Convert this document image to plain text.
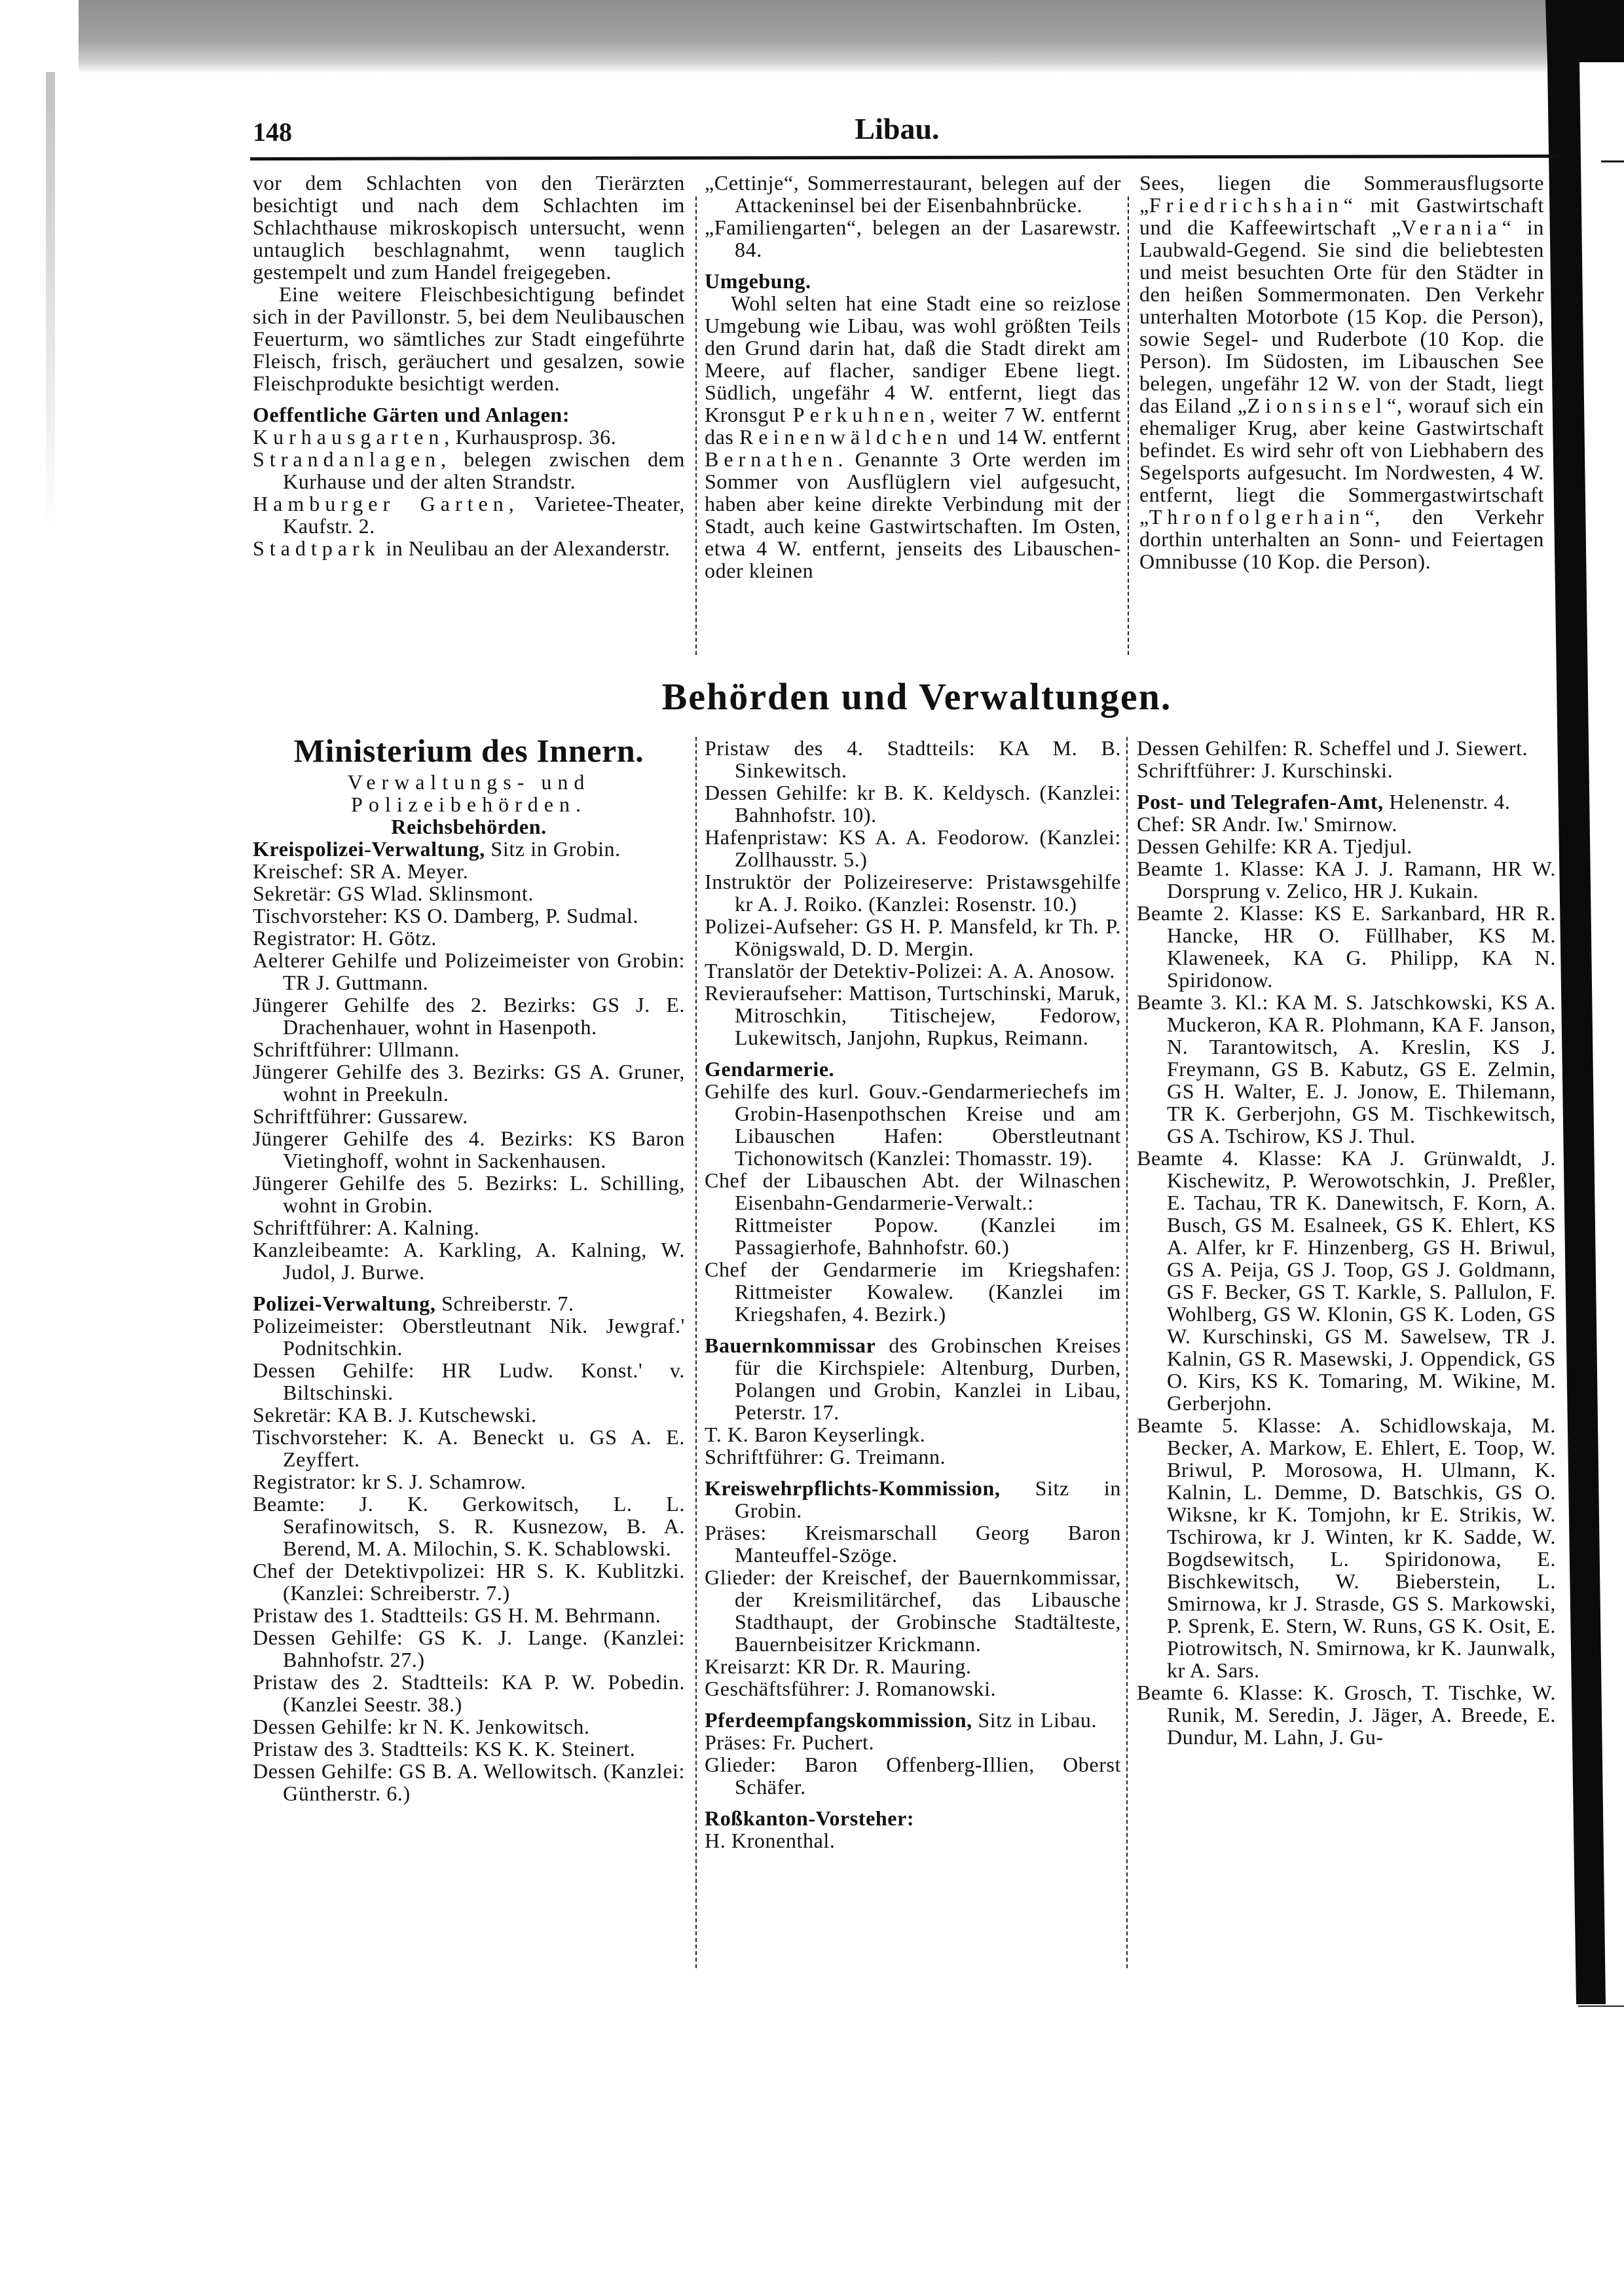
148	Libau.

vor dem Schlachten von den Tierärzten besichtigt und nach dem Schlachten im Schlachthause mikroskopisch untersucht, wenn untauglich beschlagnahmt, wenn tauglich gestempelt und zum Handel freigegeben.

Eine weitere Fleischbesichtigung befindet sich in der Pavillonstr. 5, bei dem Neulibauschen Feuerturm, wo sämtliches zur Stadt eingeführte Fleisch, frisch, geräuchert und gesalzen, sowie Fleischprodukte besichtigt werden.

Oeffentliche Gärten und Anlagen:

Kurhausgarten, Kurhausprosp. 36.

Strandanlagen, belegen zwischen dem Kurhause und der alten Strandstr.

Hamburger Garten, Varietee-Theater, Kaufstr. 2.

Stadtpark in Neulibau an der Alexanderstr.

„Cettinje“, Sommerrestaurant, belegen auf der Attackeninsel bei der Eisenbahnbrücke.

„Familiengarten“, belegen an der Lasarewstr. 84.

Umgebung.

Wohl selten hat eine Stadt eine so reizlose Umgebung wie Libau, was wohl größten Teils den Grund darin hat, daß die Stadt direkt am Meere, auf flacher, sandiger Ebene liegt. Südlich, ungefähr 4 W. entfernt, liegt das Kronsgut Perkuhnen, weiter 7 W. entfernt das Reinenwäldchen und 14 W. entfernt Bernathen. Genannte 3 Orte werden im Sommer von Ausflüglern viel aufgesucht, haben aber keine direkte Verbindung mit der Stadt, auch keine Gastwirtschaften. Im Osten, etwa 4 W. entfernt, jenseits des Libauschen- oder kleinen

Sees, liegen die Sommerausflugsorte „Friedrichshain“ mit Gastwirtschaft und die Kaffeewirtschaft „Verania“ in Laubwald-Gegend. Sie sind die beliebtesten und meist besuchten Orte für den Städter in den heißen Sommermonaten. Den Verkehr unterhalten Motorbote (15 Kop. die Person), sowie Segel- und Ruderbote (10 Kop. die Person). Im Südosten, im Libauschen See belegen, ungefähr 12 W. von der Stadt, liegt das Eiland „Zionsinsel“, worauf sich ein ehemaliger Krug, aber keine Gastwirtschaft befindet. Es wird sehr oft von Liebhabern des Segelsports aufgesucht. Im Nordwesten, 4 W. entfernt, liegt die Sommergastwirtschaft „Thronfolgerhain“, den Verkehr dorthin unterhalten an Sonn- und Feiertagen Omnibusse (10 Kop. die Person).

Behörden und Verwaltungen.

Ministerium des Innern.

Verwaltungs- und Polizeibehörden.

Reichsbehörden.

Kreispolizei-Verwaltung, Sitz in Grobin.

Kreischef: SR A. Meyer.

Sekretär: GS Wlad. Sklinsmont.

Tischvorsteher: KS O. Damberg, P. Sudmal.

Registrator: H. Götz.

Aelterer Gehilfe und Polizeimeister von Grobin: TR J. Guttmann.

Jüngerer Gehilfe des 2. Bezirks: GS J. E. Drachenhauer, wohnt in Hasenpoth.

Schriftführer: Ullmann.

Jüngerer Gehilfe des 3. Bezirks: GS A. Gruner, wohnt in Preekuln.

Schriftführer: Gussarew.

Jüngerer Gehilfe des 4. Bezirks: KS Baron Vietinghoff, wohnt in Sackenhausen.

Jüngerer Gehilfe des 5. Bezirks: L. Schilling, wohnt in Grobin.

Schriftführer: A. Kalning.

Kanzleibeamte: A. Karkling, A. Kalning, W. Judol, J. Burwe.

Polizei-Verwaltung, Schreiberstr. 7.

Polizeimeister: Oberstleutnant Nik. Jewgraf.' Podnitschkin.

Dessen Gehilfe: HR Ludw. Konst.' v. Biltschinski.

Sekretär: KA B. J. Kutschewski.

Tischvorsteher: K. A. Beneckt u. GS A. E. Zeyffert.

Registrator: kr S. J. Schamrow.

Beamte: J. K. Gerkowitsch, L. L. Serafinowitsch, S. R. Kusnezow, B. A. Berend, M. A. Milochin, S. K. Schablowski.

Chef der Detektivpolizei: HR S. K. Kublitzki. (Kanzlei: Schreiberstr. 7.)

Pristaw des 1. Stadtteils: GS H. M. Behrmann.

Dessen Gehilfe: GS K. J. Lange. (Kanzlei: Bahnhofstr. 27.)

Pristaw des 2. Stadtteils: KA P. W. Pobedin. (Kanzlei Seestr. 38.)

Dessen Gehilfe: kr N. K. Jenkowitsch.

Pristaw des 3. Stadtteils: KS K. K. Steinert.

Dessen Gehilfe: GS B. A. Wellowitsch. (Kanzlei: Güntherstr. 6.)

Pristaw des 4. Stadtteils: KA M. B. Sinkewitsch.

Dessen Gehilfe: kr B. K. Keldysch. (Kanzlei: Bahnhofstr. 10).

Hafenpristaw: KS A. A. Feodorow. (Kanzlei: Zollhausstr. 5.)

Instruktör der Polizeireserve: Pristawsgehilfe kr A. J. Roiko. (Kanzlei: Rosenstr. 10.)

Polizei-Aufseher: GS H. P. Mansfeld, kr Th. P. Königswald, D. D. Mergin.

Translatör der Detektiv-Polizei: A. A. Anosow.

Revieraufseher: Mattison, Turtschinski, Maruk, Mitroschkin, Titischejew, Fedorow, Lukewitsch, Janjohn, Rupkus, Reimann.

Gendarmerie.

Gehilfe des kurl. Gouv.-Gendarmeriechefs im Grobin-Hasenpothschen Kreise und am Libauschen Hafen: Oberstleutnant Tichonowitsch (Kanzlei: Thomasstr. 19).

Chef der Libauschen Abt. der Wilnaschen Eisenbahn-Gendarmerie-Verwalt.: Rittmeister Popow. (Kanzlei im Passagierhofe, Bahnhofstr. 60.)

Chef der Gendarmerie im Kriegshafen: Rittmeister Kowalew. (Kanzlei im Kriegshafen, 4. Bezirk.)

Bauernkommissar des Grobinschen Kreises für die Kirchspiele: Altenburg, Durben, Polangen und Grobin, Kanzlei in Libau, Peterstr. 17.

T. K. Baron Keyserlingk.

Schriftführer: G. Treimann.

Kreiswehrpflichts-Kommission, Sitz in Grobin.

Präses: Kreismarschall Georg Baron Manteuffel-Szöge.

Glieder: der Kreischef, der Bauernkommissar, der Kreismilitärchef, das Libausche Stadthaupt, der Grobinsche Stadtälteste, Bauernbeisitzer Krickmann.

Kreisarzt: KR Dr. R. Mauring.

Geschäftsführer: J. Romanowski.

Pferdeempfangskommission, Sitz in Libau.

Präses: Fr. Puchert.

Glieder: Baron Offenberg-Illien, Oberst Schäfer.

Roßkanton-Vorsteher:

H. Kronenthal.

Dessen Gehilfen: R. Scheffel und J. Siewert.

Schriftführer: J. Kurschinski.

Post- und Telegrafen-Amt, Helenenstr. 4.

Chef: SR Andr. Iw.' Smirnow.

Dessen Gehilfe: KR A. Tjedjul.

Beamte 1. Klasse: KA J. J. Ramann, HR W. Dorsprung v. Zelico, HR J. Kukain.

Beamte 2. Klasse: KS E. Sarkanbard, HR R. Hancke, HR O. Füllhaber, KS M. Klaweneek, KA G. Philipp, KA N. Spiridonow.

Beamte 3. Kl.: KA M. S. Jatschkowski, KS A. Muckeron, KA R. Plohmann, KA F. Janson, N. Tarantowitsch, A. Kreslin, KS J. Freymann, GS B. Kabutz, GS E. Zelmin, GS H. Walter, E. J. Jonow, E. Thilemann, TR K. Gerberjohn, GS M. Tischkewitsch, GS A. Tschirow, KS J. Thul.

Beamte 4. Klasse: KA J. Grünwaldt, J. Kischewitz, P. Werowotschkin, J. Preßler, E. Tachau, TR K. Danewitsch, F. Korn, A. Busch, GS M. Esalneek, GS K. Ehlert, KS A. Alfer, kr F. Hinzenberg, GS H. Briwul, GS A. Peija, GS J. Toop, GS J. Goldmann, GS F. Becker, GS T. Karkle, S. Pallulon, F. Wohlberg, GS W. Klonin, GS K. Loden, GS W. Kurschinski, GS M. Sawelsew, TR J. Kalnin, GS R. Masewski, J. Oppendick, GS O. Kirs, KS K. Tomaring, M. Wikine, M. Gerberjohn.

Beamte 5. Klasse: A. Schidlowskaja, M. Becker, A. Markow, E. Ehlert, E. Toop, W. Briwul, P. Morosowa, H. Ulmann, K. Kalnin, L. Demme, D. Batschkis, GS O. Wiksne, kr K. Tomjohn, kr E. Strikis, W. Tschirowa, kr J. Winten, kr K. Sadde, W. Bogdsewitsch, L. Spiridonowa, E. Bischkewitsch, W. Bieberstein, L. Smirnowa, kr J. Strasde, GS S. Markowski, P. Sprenk, E. Stern, W. Runs, GS K. Osit, E. Piotrowitsch, N. Smirnowa, kr K. Jaunwalk, kr A. Sars.

Beamte 6. Klasse: K. Grosch, T. Tischke, W. Runik, M. Seredin, J. Jäger, A. Breede, E. Dundur, M. Lahn, J. Gu-
